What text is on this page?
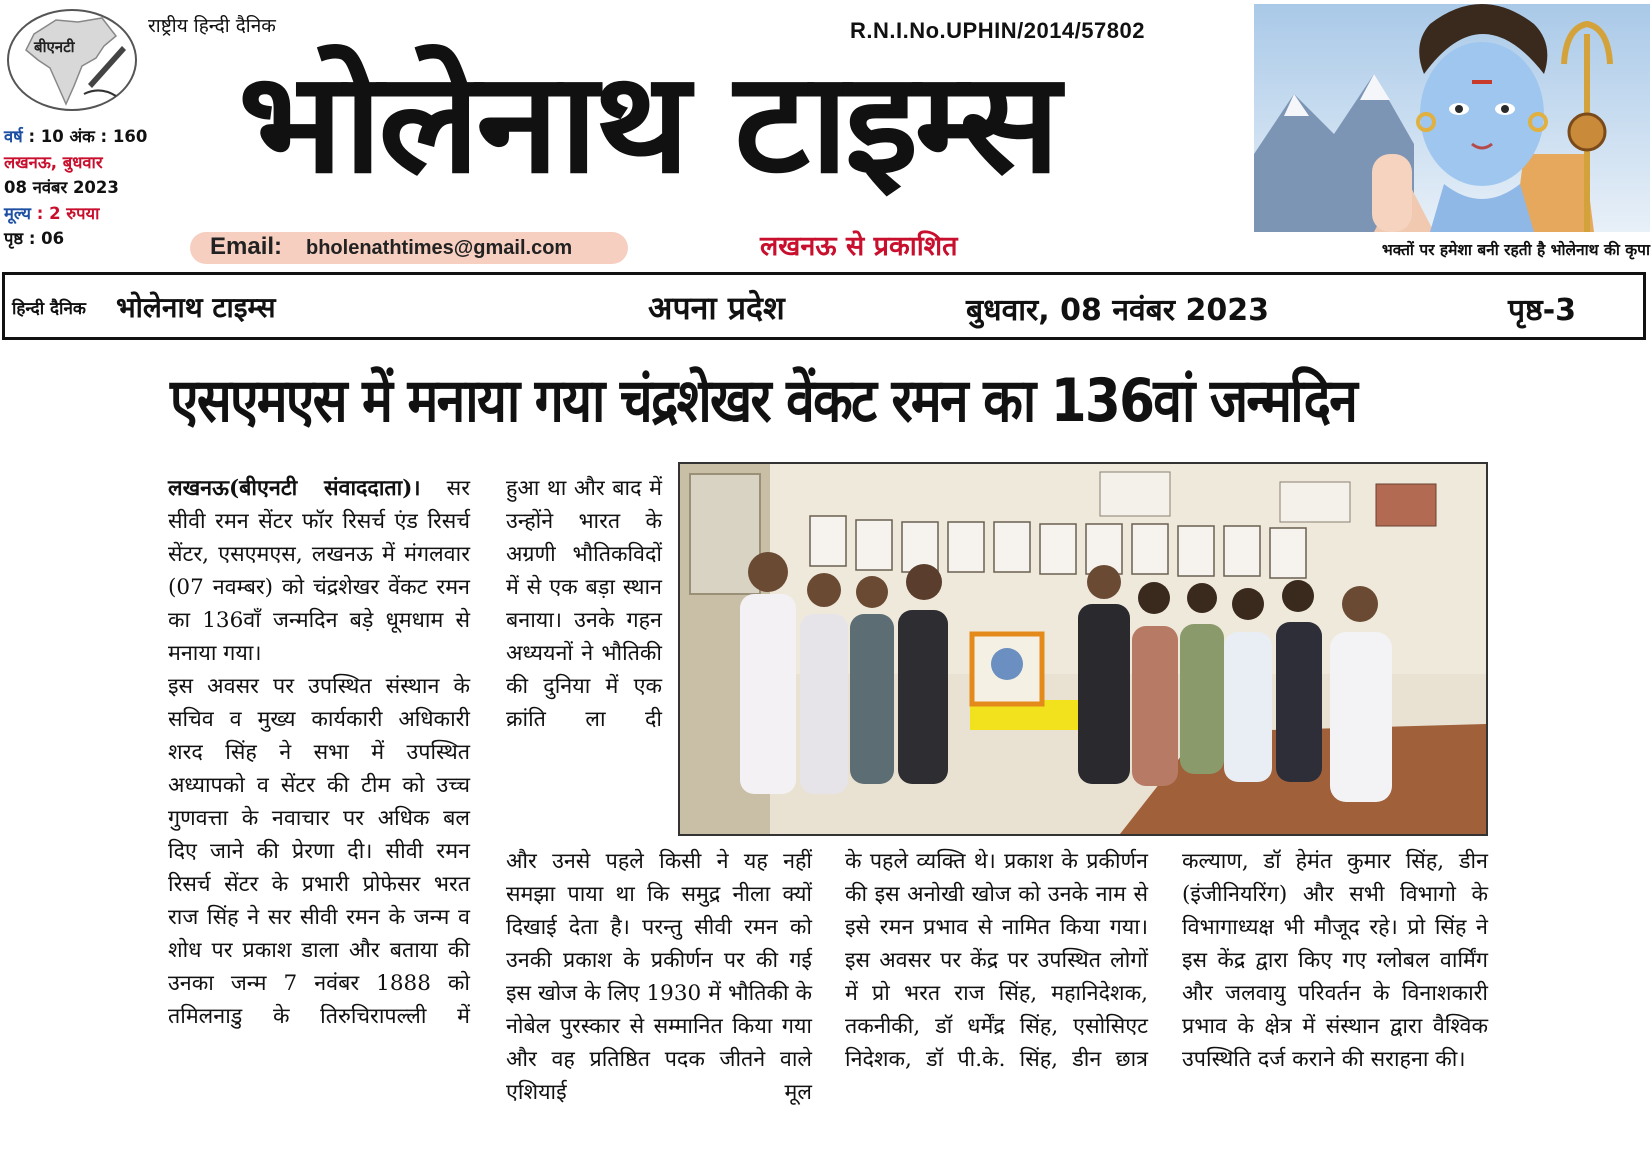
बीएनटी
राष्ट्रीय हिन्दी दैनिक
वर्ष : 10 अंक : 160
लखनऊ, बुधवार
08 नवंबर 2023
मूल्य : 2 रुपया
पृष्ठ : 06
R.N.I.No.UPHIN/2014/57802
भोलेनाथ टाइम्स
Email: bholenathtimes@gmail.com	लखनऊ से प्रकाशित	भक्तों पर हमेशा बनी रहती है भोलेनाथ की कृपा
हिन्दी दैनिक भोलेनाथ टाइम्स	अपना प्रदेश	बुधवार, 08 नवंबर 2023	पृष्ठ-3
एसएमएस में मनाया गया चंद्रशेखर वेंकट रमन का 136वां जन्मदिन

लखनऊ(बीएनटी संवाददाता)। सर सीवी रमन सेंटर फॉर रिसर्च एंड रिसर्च सेंटर, एसएमएस, लखनऊ में मंगलवार (07 नवम्बर) को चंद्रशेखर वेंकट रमन का 136वाँ जन्मदिन बड़े धूमधाम से मनाया गया।

इस अवसर पर उपस्थित संस्थान के सचिव व मुख्य कार्यकारी अधिकारी शरद सिंह ने सभा में उपस्थित अध्यापको व सेंटर की टीम को उच्च गुणवत्ता के नवाचार पर अधिक बल दिए जाने की प्रेरणा दी। सीवी रमन रिसर्च सेंटर के प्रभारी प्रोफेसर भरत राज सिंह ने सर सीवी रमन के जन्म व शोध पर प्रकाश डाला और बताया की उनका जन्म 7 नवंबर 1888 को तमिलनाडु के तिरुचिरापल्ली में

हुआ था और बाद में उन्होंने भारत के अग्रणी भौतिकविदों में से एक बड़ा स्थान बनाया। उनके गहन अध्ययनों ने भौतिकी की दुनिया में एक क्रांति ला दी
और उनसे पहले किसी ने यह नहीं समझा पाया था कि समुद्र नीला क्यों दिखाई देता है। परन्तु सीवी रमन को उनकी प्रकाश के प्रकीर्णन पर की गई इस खोज के लिए 1930 में भौतिकी के नोबेल पुरस्कार से सम्मानित किया गया और वह प्रतिष्ठित पदक जीतने वाले एशियाई मूल
के पहले व्यक्ति थे। प्रकाश के प्रकीर्णन की इस अनोखी खोज को उनके नाम से इसे रमन प्रभाव से नामित किया गया। इस अवसर पर केंद्र पर उपस्थित लोगों में प्रो भरत राज सिंह, महानिदेशक, तकनीकी, डॉ धर्मेंद्र सिंह, एसोसिएट निदेशक, डॉ पी.के. सिंह, डीन छात्र

कल्याण, डॉ हेमंत कुमार सिंह, डीन (इंजीनियरिंग) और सभी विभागो के विभागाध्यक्ष भी मौजूद रहे। प्रो सिंह ने इस केंद्र द्वारा किए गए ग्लोबल वार्मिंग और जलवायु परिवर्तन के विनाशकारी प्रभाव के क्षेत्र में संस्थान द्वारा वैश्विक उपस्थिति दर्ज कराने की सराहना की।
